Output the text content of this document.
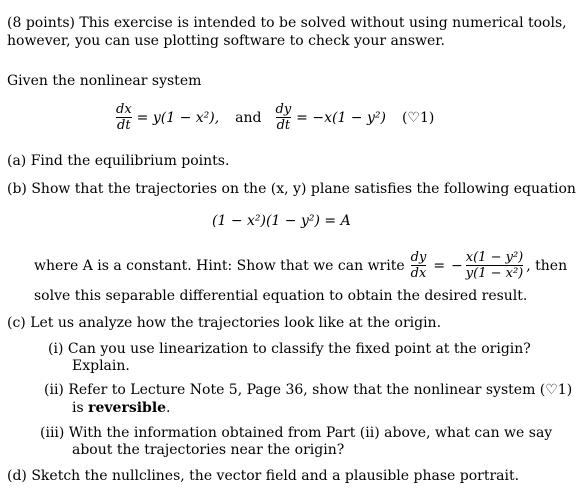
(8 points) This exercise is intended to be solved without using numerical tools,
however, you can use plotting software to check your answer.
Given the nonlinear system
$\frac{dx}{dt} = y(1 - x^2)$, and $\frac{dy}{dt} = -x(1 - y^2)$ (♡1)
(a) Find the equilibrium points.
(b) Show that the trajectories on the (x, y) plane satisfies the following equation
(1 − x²)(1 − y²) = A
where A is a constant. Hint: Show that we can write $\frac{dy}{dx}$ = − $\frac{\text{x(1 − y²)}}{\text{y(1 − x²)}}$ , then
solve this separable differential equation to obtain the desired result.
(c) Let us analyze how the trajectories look like at the origin.
(i) Can you use linearization to classify the fixed point at the origin?
Explain.
(ii) Refer to Lecture Note 5, Page 36, show that the nonlinear system (♡1)
is reversible.
(iii) With the information obtained from Part (ii) above, what can we say
about the trajectories near the origin?
(d) Sketch the nullclines, the vector field and a plausible phase portrait.
